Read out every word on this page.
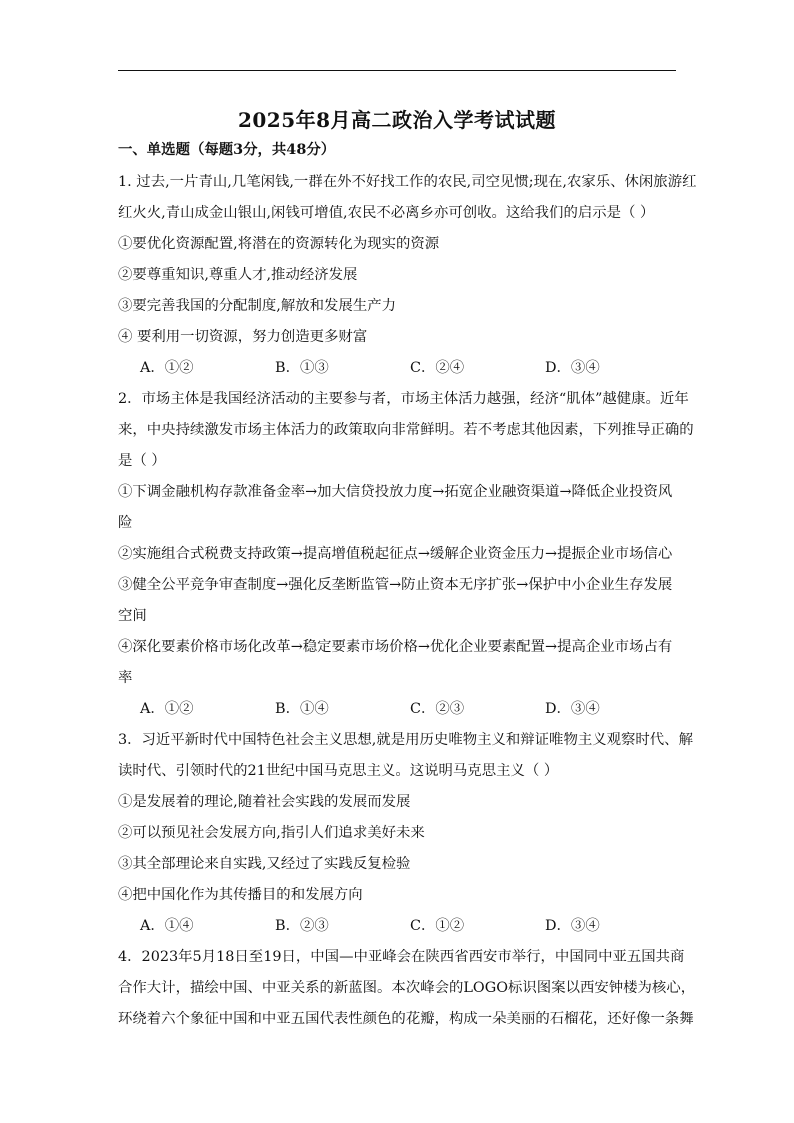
2025年8月高二政治入学考试试题
一、单选题（每题3分，共48分）
1. 过去,一片青山,几笔闲钱,一群在外不好找工作的农民,司空见惯;现在,农家乐、休闲旅游红
红火火,青山成金山银山,闲钱可增值,农民不必离乡亦可创收。这给我们的启示是（ ）
①要优化资源配置,将潜在的资源转化为现实的资源
②要尊重知识,尊重人才,推动经济发展
③要完善我国的分配制度,解放和发展生产力
④ 要利用一切资源，努力创造更多财富
A．①②	B．①③	C．②④	D．③④
2．市场主体是我国经济活动的主要参与者，市场主体活力越强，经济“肌体”越健康。近年
来，中央持续激发市场主体活力的政策取向非常鲜明。若不考虑其他因素，下列推导正确的
是（ ）
①下调金融机构存款准备金率→加大信贷投放力度→拓宽企业融资渠道→降低企业投资风
险
②实施组合式税费支持政策→提高增值税起征点→缓解企业资金压力→提振企业市场信心
③健全公平竞争审查制度→强化反垄断监管→防止资本无序扩张→保护中小企业生存发展
空间
④深化要素价格市场化改革→稳定要素市场价格→优化企业要素配置→提高企业市场占有
率
A．①②	B．①④	C．②③	D．③④
3．习近平新时代中国特色社会主义思想,就是用历史唯物主义和辩证唯物主义观察时代、解
读时代、引领时代的21世纪中国马克思主义。这说明马克思主义（ ）
①是发展着的理论,随着社会实践的发展而发展
②可以预见社会发展方向,指引人们追求美好未来
③其全部理论来自实践,又经过了实践反复检验
④把中国化作为其传播目的和发展方向
A．①④	B．②③	C．①②	D．③④
4．2023年5月18日至19日，中国—中亚峰会在陕西省西安市举行，中国同中亚五国共商
合作大计，描绘中国、中亚关系的新蓝图。本次峰会的LOGO标识图案以西安钟楼为核心，
环绕着六个象征中国和中亚五国代表性颜色的花瓣，构成一朵美丽的石榴花，还好像一条舞
